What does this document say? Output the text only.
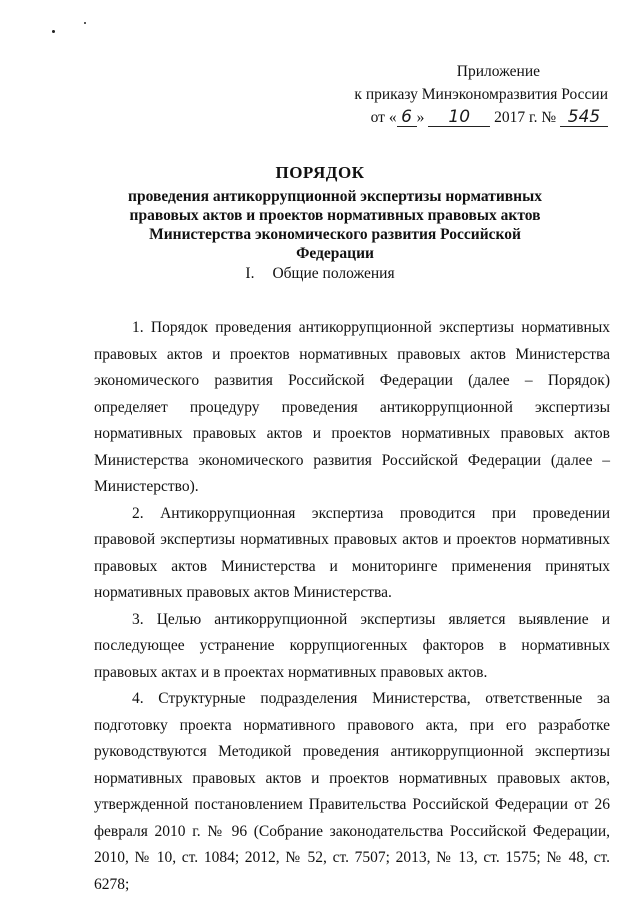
Приложение
к приказу Минэкономразвития России
от « 6 » 10 2017 г. № 545
ПОРЯДОК
проведения антикоррупционной экспертизы нормативных правовых актов и проектов нормативных правовых актов Министерства экономического развития Российской Федерации
I. Общие положения

1. Порядок проведения антикоррупционной экспертизы нормативных правовых актов и проектов нормативных правовых актов Министерства экономического развития Российской Федерации (далее – Порядок) определяет процедуру проведения антикоррупционной экспертизы нормативных правовых актов и проектов нормативных правовых актов Министерства экономического развития Российской Федерации (далее – Министерство).

2. Антикоррупционная экспертиза проводится при проведении правовой экспертизы нормативных правовых актов и проектов нормативных правовых актов Министерства и мониторинге применения принятых нормативных правовых актов Министерства.

3. Целью антикоррупционной экспертизы является выявление и последующее устранение коррупциогенных факторов в нормативных правовых актах и в проектах нормативных правовых актов.

4. Структурные подразделения Министерства, ответственные за подготовку проекта нормативного правового акта, при его разработке руководствуются Методикой проведения антикоррупционной экспертизы нормативных правовых актов и проектов нормативных правовых актов, утвержденной постановлением Правительства Российской Федерации от 26 февраля 2010 г. № 96 (Собрание законодательства Российской Федерации, 2010, № 10, ст. 1084; 2012, № 52, ст. 7507; 2013, № 13, ст. 1575; № 48, ст. 6278;
